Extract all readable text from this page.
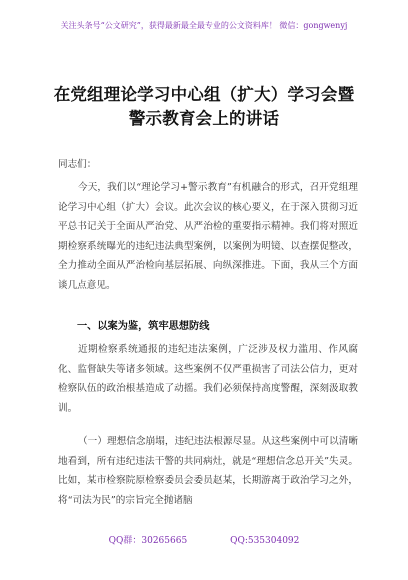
关注头条号“公文研究”，获得最新最全最专业的公文资料库！ 微信：gongwenyj
在党组理论学习中心组（扩大）学习会暨
警示教育会上的讲话
同志们：
今天，我们以“理论学习+警示教育”有机融合的形式，召开党组理论学习中心组（扩大）会议。此次会议的核心要义，在于深入贯彻习近平总书记关于全面从严治党、从严治检的重要指示精神。我们将对照近期检察系统曝光的违纪违法典型案例，以案例为明镜、以查摆促整改，全力推动全面从严治检向基层拓展、向纵深推进。下面，我从三个方面谈几点意见。
一、以案为鉴，筑牢思想防线
近期检察系统通报的违纪违法案例，广泛涉及权力滥用、作风腐化、监督缺失等诸多领域。这些案例不仅严重损害了司法公信力，更对检察队伍的政治根基造成了动摇。我们必须保持高度警醒，深刻汲取教训。
（一）理想信念崩塌，违纪违法根源尽显。从这些案例中可以清晰地看到，所有违纪违法干警的共同病灶，就是“理想信念总开关”失灵。比如，某市检察院原检察委员会委员赵某，长期游离于政治学习之外，将“司法为民”的宗旨完全抛诸脑
QQ群：30265665	QQ:535304092
